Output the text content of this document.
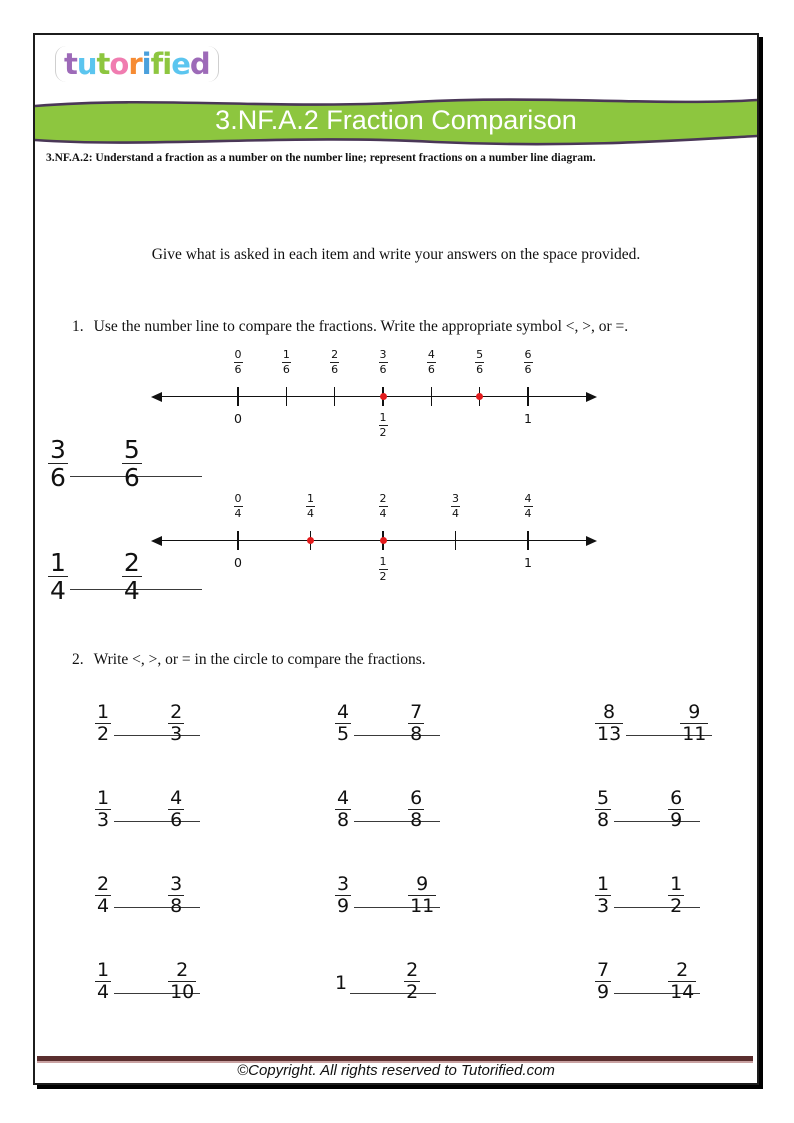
tutorified
3.NF.A.2 Fraction Comparison
3.NF.A.2: Understand a fraction as a number on the number line; represent fractions on a number line diagram.
Give what is asked in each item and write your answers on the space provided.
1. Use the number line to compare the fractions. Write the appropriate symbol <, >, or =.
$\frac{0}{6}$	$\frac{1}{6}$	$\frac{2}{6}$	$\frac{3}{6}$	$\frac{4}{6}$	$\frac{5}{6}$	$\frac{6}{6}$
0	$\frac{1}{2}$	1
$\frac{3}{6} \frac{5}{6}$
$\frac{0}{4}$	$\frac{1}{4}$	$\frac{2}{4}$	$\frac{3}{4}$	$\frac{4}{4}$
0	$\frac{1}{2}$	1
$\frac{1}{4} \frac{2}{4}$
2. Write <, >, or = in the circle to compare the fractions.
$\frac{1}{2}$	$\frac{2}{3}$	$\frac{4}{5}$	$\frac{7}{8}$	$\frac{8}{13}$	$\frac{9}{11}$
$\frac{1}{3}$	$\frac{4}{6}$	$\frac{4}{8}$	$\frac{6}{8}$	$\frac{5}{8}$	$\frac{6}{9}$
$\frac{2}{4}$	$\frac{3}{8}$	$\frac{3}{9}$	$\frac{9}{11}$	$\frac{1}{3}$	$\frac{1}{2}$
$\frac{1}{4}$	$\frac{2}{10}$	1	$\frac{2}{2}$	$\frac{7}{9}$	$\frac{2}{14}$
©Copyright. All rights reserved to Tutorified.com
